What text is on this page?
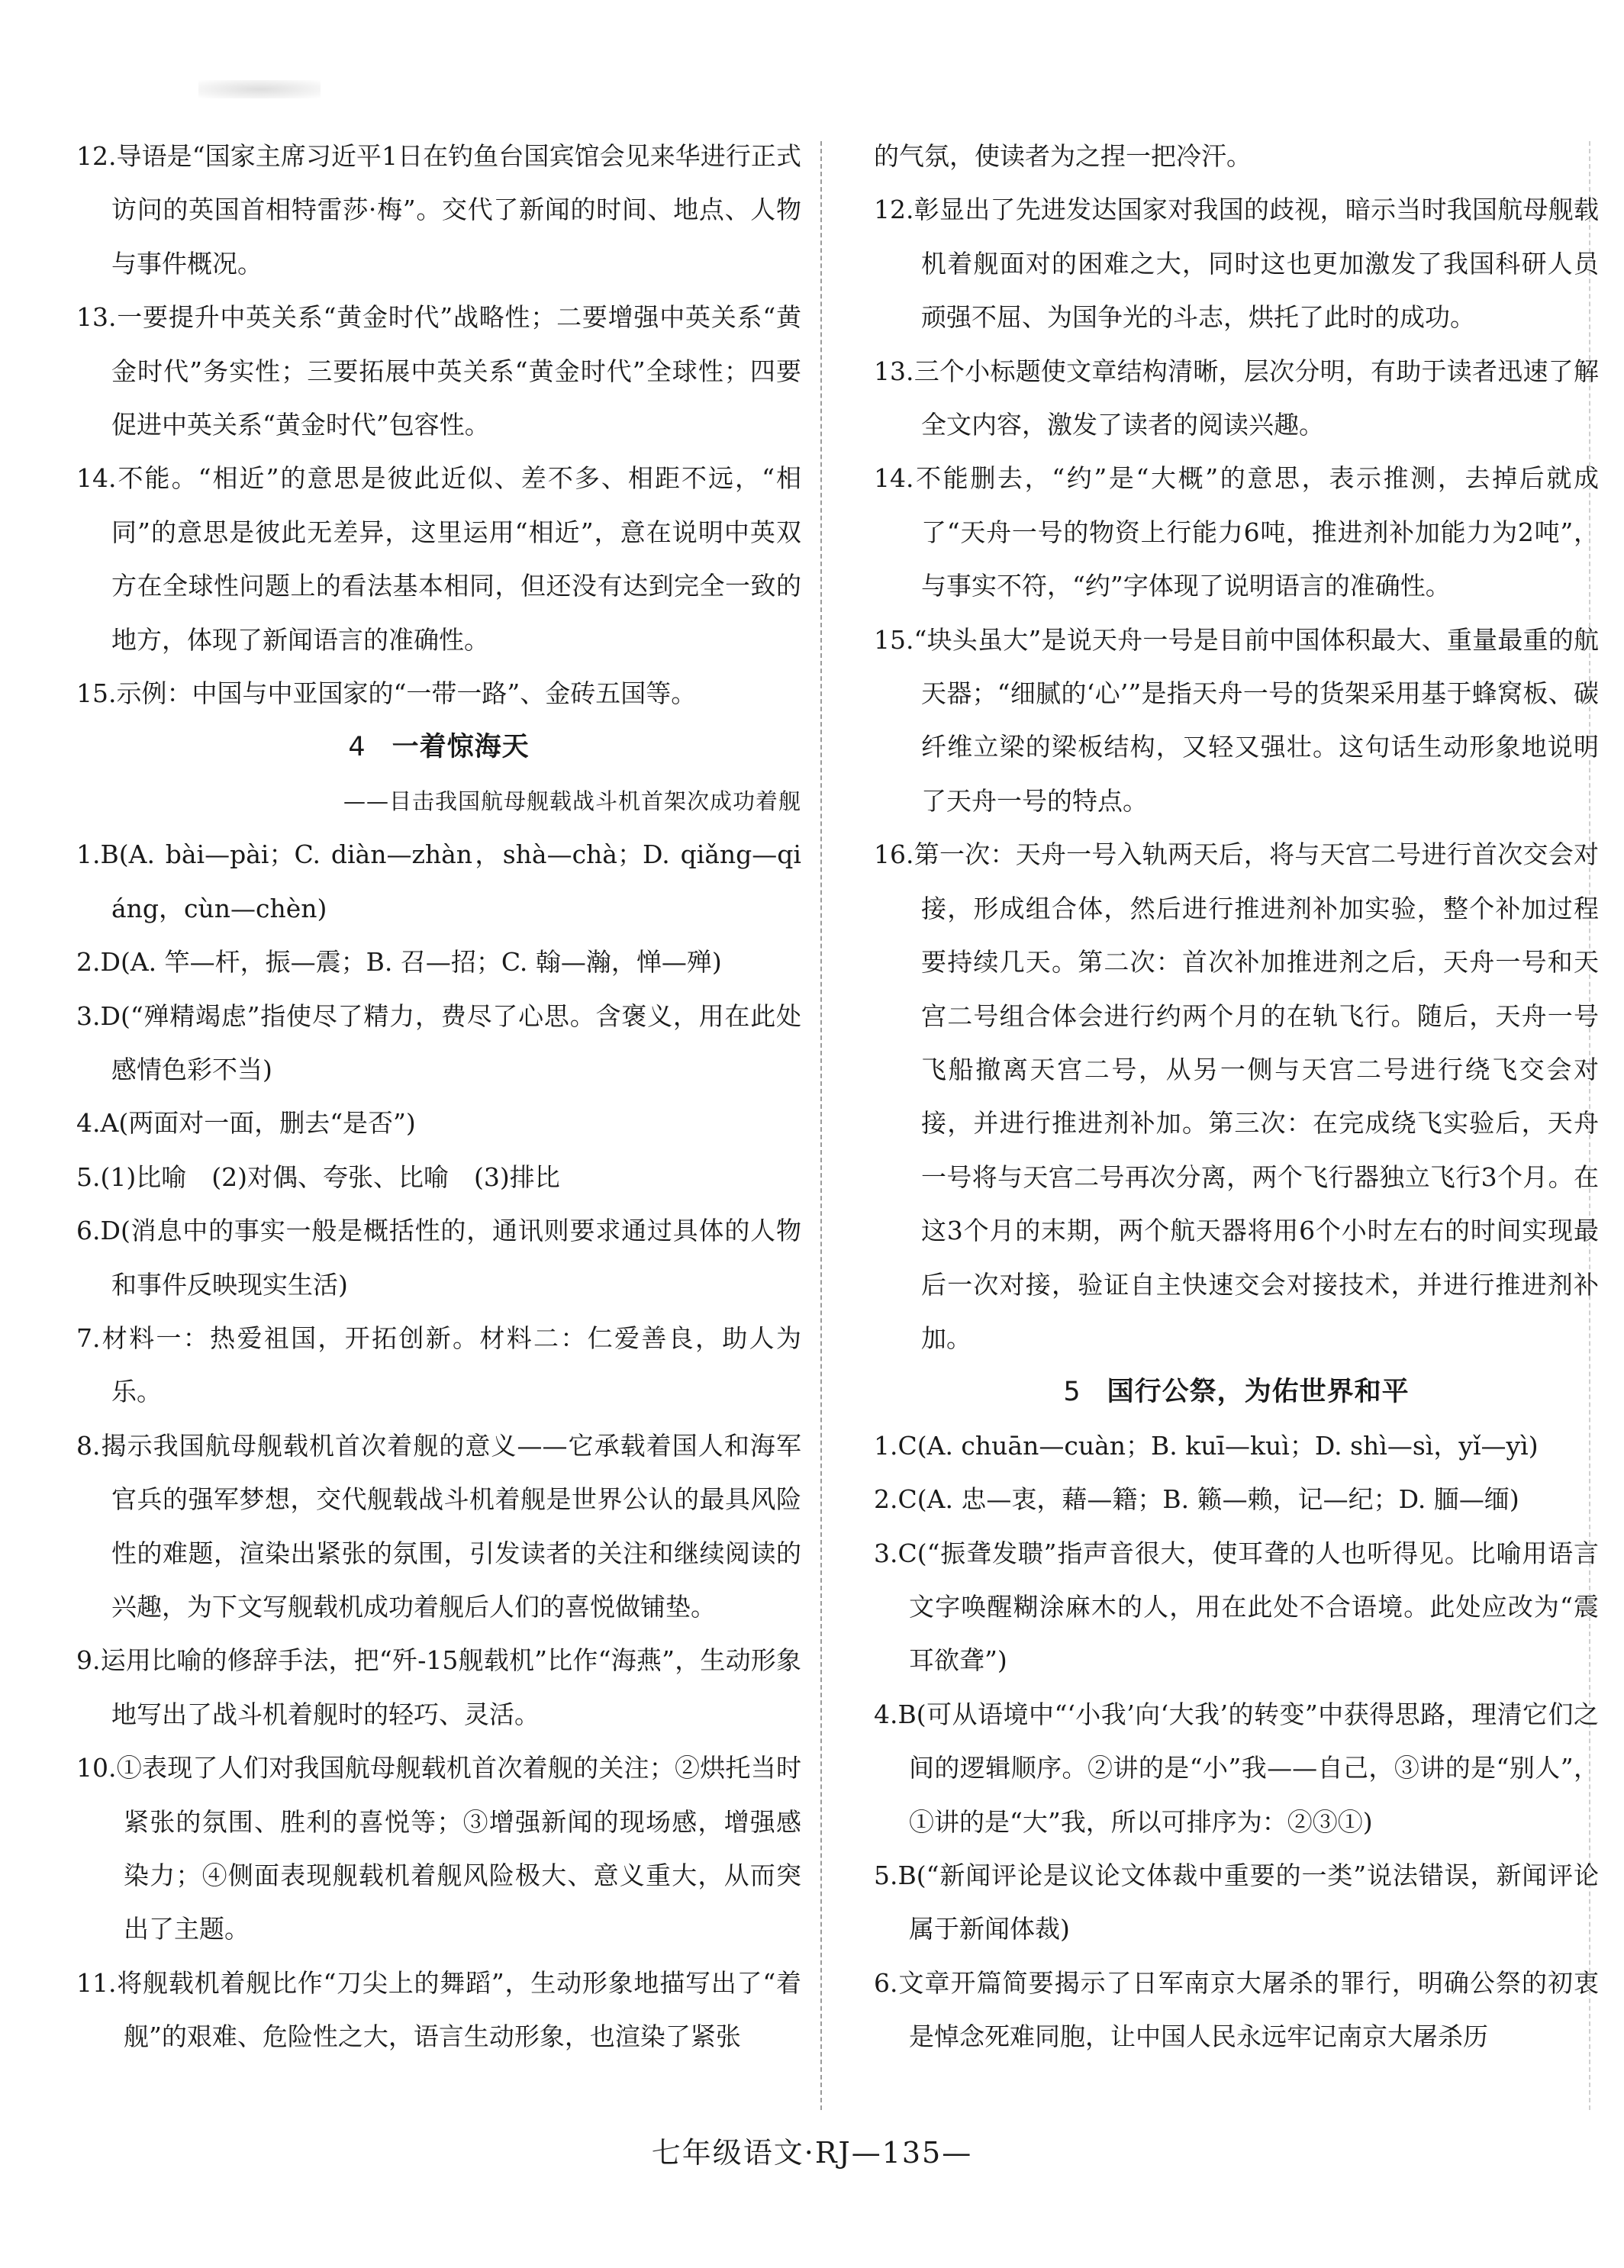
12.导语是“国家主席习近平1日在钓鱼台国宾馆会见来华进行正式访问的英国首相特雷莎·梅”。交代了新闻的时间、地点、人物与事件概况。

13.一要提升中英关系“黄金时代”战略性；二要增强中英关系“黄金时代”务实性；三要拓展中英关系“黄金时代”全球性；四要促进中英关系“黄金时代”包容性。

14.不能。“相近”的意思是彼此近似、差不多、相距不远，“相同”的意思是彼此无差异，这里运用“相近”，意在说明中英双方在全球性问题上的看法基本相同，但还没有达到完全一致的地方，体现了新闻语言的准确性。

15.示例：中国与中亚国家的“一带一路”、金砖五国等。

4 一着惊海天

——目击我国航母舰载战斗机首架次成功着舰

1.B(A. bài—pài；C. diàn—zhàn，shà—chà；D. qiǎng—qiáng，cùn—chèn)

2.D(A. 竿—杆，振—震；B. 召—招；C. 翰—瀚，惮—殚)

3.D(“殚精竭虑”指使尽了精力，费尽了心思。含褒义，用在此处感情色彩不当)

4.A(两面对一面，删去“是否”)

5.(1)比喻　(2)对偶、夸张、比喻　(3)排比

6.D(消息中的事实一般是概括性的，通讯则要求通过具体的人物和事件反映现实生活)

7.材料一：热爱祖国，开拓创新。材料二：仁爱善良，助人为乐。

8.揭示我国航母舰载机首次着舰的意义——它承载着国人和海军官兵的强军梦想，交代舰载战斗机着舰是世界公认的最具风险性的难题，渲染出紧张的氛围，引发读者的关注和继续阅读的兴趣，为下文写舰载机成功着舰后人们的喜悦做铺垫。

9.运用比喻的修辞手法，把“歼-15舰载机”比作“海燕”，生动形象地写出了战斗机着舰时的轻巧、灵活。

10.①表现了人们对我国航母舰载机首次着舰的关注；②烘托当时紧张的氛围、胜利的喜悦等；③增强新闻的现场感，增强感染力；④侧面表现舰载机着舰风险极大、意义重大，从而突出了主题。

11.将舰载机着舰比作“刀尖上的舞蹈”，生动形象地描写出了“着舰”的艰难、危险性之大，语言生动形象，也渲染了紧张

的气氛，使读者为之捏一把冷汗。

12.彰显出了先进发达国家对我国的歧视，暗示当时我国航母舰载机着舰面对的困难之大，同时这也更加激发了我国科研人员顽强不屈、为国争光的斗志，烘托了此时的成功。

13.三个小标题使文章结构清晰，层次分明，有助于读者迅速了解全文内容，激发了读者的阅读兴趣。

14.不能删去，“约”是“大概”的意思，表示推测，去掉后就成了“天舟一号的物资上行能力6吨，推进剂补加能力为2吨”，与事实不符，“约”字体现了说明语言的准确性。

15.“块头虽大”是说天舟一号是目前中国体积最大、重量最重的航天器；“细腻的‘心’”是指天舟一号的货架采用基于蜂窝板、碳纤维立梁的梁板结构，又轻又强壮。这句话生动形象地说明了天舟一号的特点。

16.第一次：天舟一号入轨两天后，将与天宫二号进行首次交会对接，形成组合体，然后进行推进剂补加实验，整个补加过程要持续几天。第二次：首次补加推进剂之后，天舟一号和天宫二号组合体会进行约两个月的在轨飞行。随后，天舟一号飞船撤离天宫二号，从另一侧与天宫二号进行绕飞交会对接，并进行推进剂补加。第三次：在完成绕飞实验后，天舟一号将与天宫二号再次分离，两个飞行器独立飞行3个月。在这3个月的末期，两个航天器将用6个小时左右的时间实现最后一次对接，验证自主快速交会对接技术，并进行推进剂补加。

5 国行公祭，为佑世界和平

1.C(A. chuān—cuàn；B. kuī—kuì；D. shì—sì，yǐ—yì)

2.C(A. 忠—衷，藉—籍；B. 籁—赖，记—纪；D. 腼—缅)

3.C(“振聋发聩”指声音很大，使耳聋的人也听得见。比喻用语言文字唤醒糊涂麻木的人，用在此处不合语境。此处应改为“震耳欲聋”)

4.B(可从语境中“‘小我’向‘大我’的转变”中获得思路，理清它们之间的逻辑顺序。②讲的是“小”我——自己，③讲的是“别人”，①讲的是“大”我，所以可排序为：②③①)

5.B(“新闻评论是议论文体裁中重要的一类”说法错误，新闻评论属于新闻体裁)

6.文章开篇简要揭示了日军南京大屠杀的罪行，明确公祭的初衷是悼念死难同胞，让中国人民永远牢记南京大屠杀历

七年级语文·RJ—135—
